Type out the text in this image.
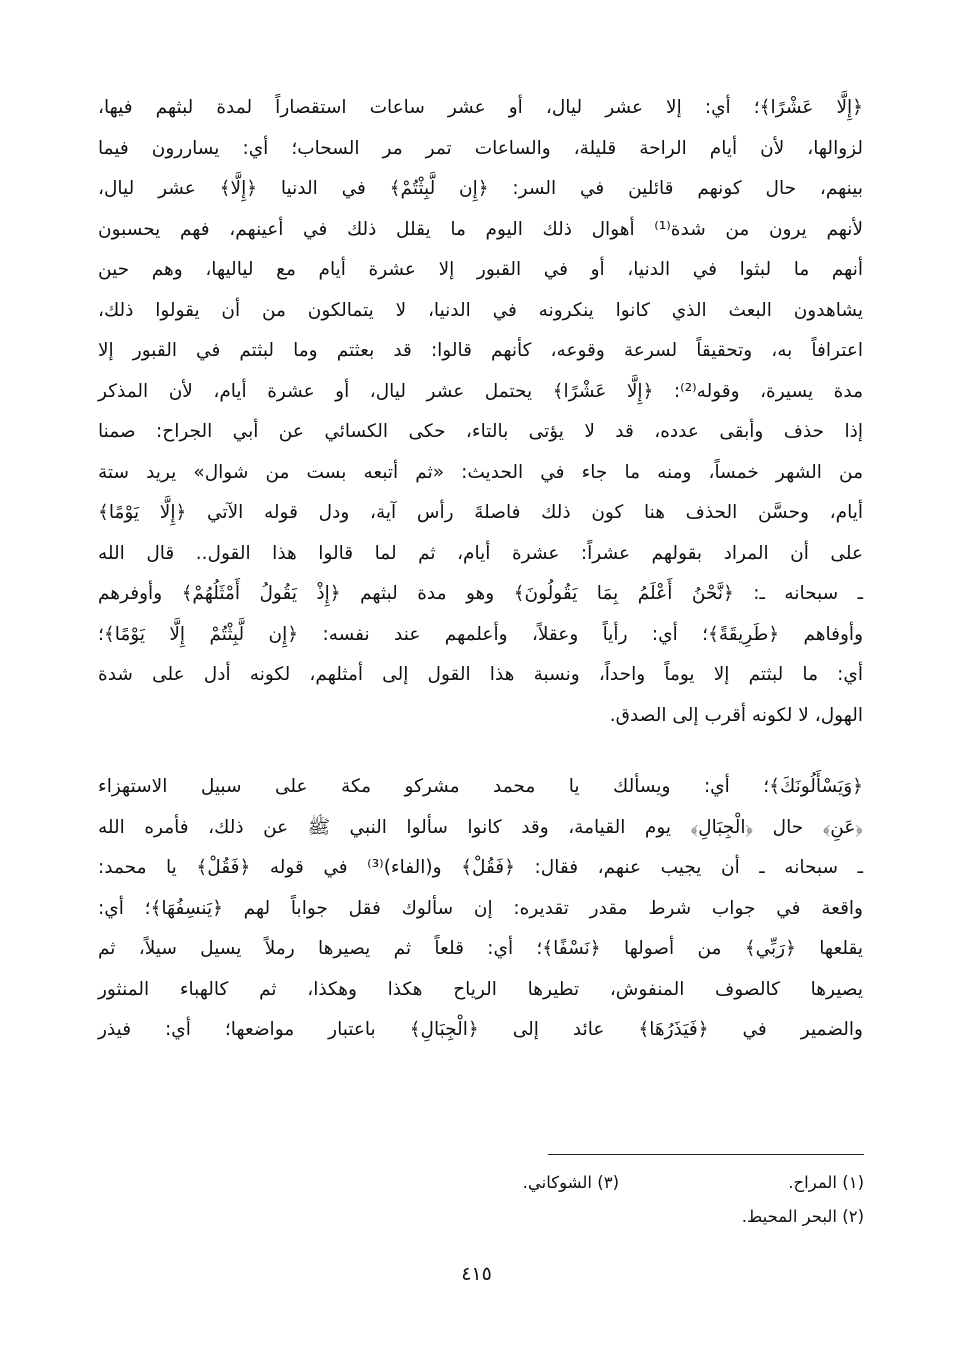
﴿إِلَّا عَشْرًا﴾؛ أي: إلا عشر ليال، أو عشر ساعات استقصاراً لمدة لبثهم فيها،
لزوالها، لأن أيام الراحة قليلة، والساعات تمر مر السحاب؛ أي: يساررون فيما
بينهم، حال كونهم قائلين في السر: ﴿إِن لَّبِثْتُمْ﴾ في الدنيا ﴿إِلَّا﴾ عشر ليال،
لأنهم يرون من شدة⁽¹⁾ أهوال ذلك اليوم ما يقلل ذلك في أعينهم، فهم يحسبون
أنهم ما لبثوا في الدنيا، أو في القبور إلا عشرة أيام مع لياليها، وهم حين
يشاهدون البعث الذي كانوا ينكرونه في الدنيا، لا يتمالكون من أن يقولوا ذلك،
اعترافاً به، وتحقيقاً لسرعة وقوعه، كأنهم قالوا: قد بعثتم وما لبثتم في القبور إلا
مدة يسيرة، وقوله⁽²⁾: ﴿إِلَّا عَشْرًا﴾ يحتمل عشر ليال، أو عشرة أيام، لأن المذكر
إذا حذف وأبقى عدده، قد لا يؤتى بالتاء، حكى الكسائي عن أبي الجراح: صمنا
من الشهر خمساً، ومنه ما جاء في الحديث: «ثم أتبعه بست من شوال» يريد ستة
أيام، وحسَّن الحذف هنا كون ذلك فاصلةَ رأس آية، ودل قوله الآتي ﴿إِلَّا يَوْمًا﴾
على أن المراد بقولهم عشراً: عشرة أيام، ثم لما قالوا هذا القول.. قال الله
ـ سبحانه ـ: ﴿نَّحْنُ أَعْلَمُ بِمَا يَقُولُونَ﴾ وهو مدة لبثهم ﴿إِذْ يَقُولُ أَمْثَلُهُمْ﴾ وأوفرهم
وأوفاهم ﴿طَرِيقَةً﴾؛ أي: رأياً وعقلاً، وأعلمهم عند نفسه: ﴿إِن لَّبِثْتُمْ إِلَّا يَوْمًا﴾؛
أي: ما لبثتم إلا يوماً واحداً، ونسبة هذا القول إلى أمثلهم، لكونه أدل على شدة
الهول، لا لكونه أقرب إلى الصدق.
﴿وَيَسْأَلُونَكَ﴾؛ أي: ويسألك يا محمد مشركو مكة على سبيل الاستهزاء
﴿عَنِ﴾ حال ﴿الْجِبَالِ﴾ يوم القيامة، وقد كانوا سألوا النبي ﷺ عن ذلك، فأمره الله
ـ سبحانه ـ أن يجيب عنهم، فقال: ﴿فَقُلْ﴾ و(الفاء)⁽³⁾ في قوله ﴿فَقُلْ﴾ يا محمد:
واقعة في جواب شرط مقدر تقديره: إن سألوك فقل جواباً لهم ﴿يَنسِفُهَا﴾؛ أي:
يقلعها ﴿رَبِّي﴾ من أصولها ﴿نَسْفًا﴾؛ أي: قلعاً ثم يصيرها رملاً يسيل سيلاً، ثم
يصيرها كالصوف المنفوش، تطيرها الرياح هكذا وهكذا، ثم كالهباء المنثور
والضمير في ﴿فَيَذَرُهَا﴾ عائد إلى ﴿الْجِبَالِ﴾ باعتبار مواضعها؛ أي: فيذر
(١) المراح.
(٣) الشوكاني.
(٢) البحر المحيط.
٤١٥
